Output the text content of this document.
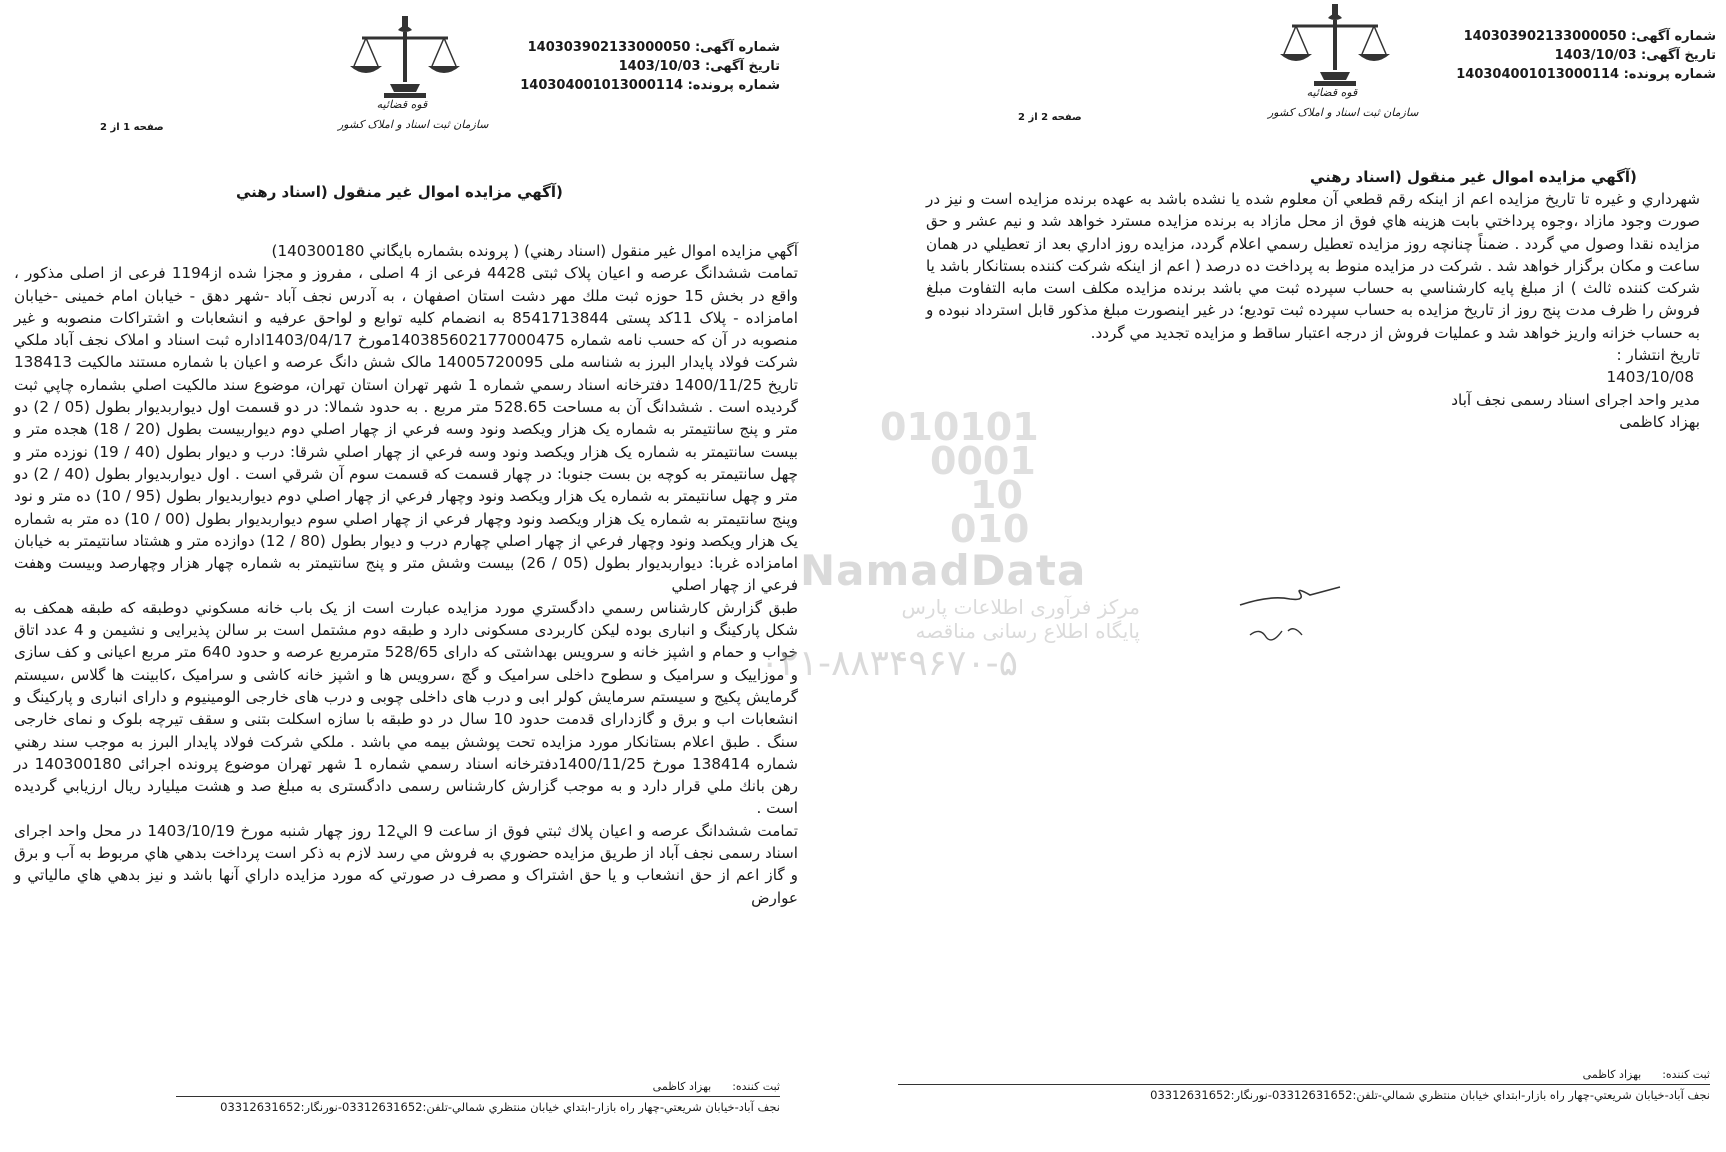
شماره آگهی: 140303902133000050
تاریخ آگهی: 1403/10/03
شماره پرونده: 140304001013000114
قوه قضائیه
سازمان ثبت اسناد و املاک کشور
صفحه 1 از 2
(آگهي مزايده اموال غير منقول (اسناد رهني

آگهي مزايده اموال غير منقول (اسناد رهني) ( پرونده بشماره بايگاني 140300180)

تمامت ششدانگ عرصه و اعیان پلاک ثبتی 4428 فرعی از 4 اصلی ، مفروز و مجزا شده از1194 فرعی از اصلی مذکور ، واقع در بخش 15 حوزه ثبت ملك مهر دشت استان اصفهان ، به آدرس نجف آباد -شهر دهق - خیابان امام خمینی -خیابان امامزاده - پلاک 11کد پستی 8541713844 به انضمام کلیه توابع و لواحق عرفیه و انشعابات و اشتراکات منصوبه و غیر منصوبه در آن که حسب نامه شماره 140385602177000475مورخ 1403/04/17اداره ثبت اسناد و املاک نجف آباد ملکي شرکت فولاد پايدار البرز به شناسه ملی 14005720095 مالک شش دانگ عرصه و اعيان با شماره مستند مالکیت 138413 تاريخ 1400/11/25 دفترخانه اسناد رسمي شماره 1 شهر تهران استان تهران، موضوع سند مالكيت اصلي بشماره چاپي ثبت گرديده است . ششدانگ آن به مساحت 528.65 متر مربع . به حدود شمالا: در دو قسمت اول ديواربديوار بطول (05 / 2) دو متر و پنج سانتيمتر به شماره يک هزار ويکصد ونود وسه فرعي از چهار اصلي دوم ديواربيست بطول (20 / 18) هجده متر و بيست سانتيمتر به شماره يک هزار ويکصد ونود وسه فرعي از چهار اصلي شرقا: درب و ديوار بطول (40 / 19) نوزده متر و چهل سانتيمتر به كوچه بن بست جنوبا: در چهار قسمت كه قسمت سوم آن شرقي است . اول ديواربديوار بطول (40 / 2) دو متر و چهل سانتيمتر به شماره يک هزار ويکصد ونود وچهار فرعي از چهار اصلي دوم ديواربديوار بطول (95 / 10) ده متر و نود وپنج سانتيمتر به شماره يک هزار ويکصد ونود وچهار فرعي از چهار اصلي سوم ديواربديوار بطول (00 / 10) ده متر به شماره يک هزار ويکصد ونود وچهار فرعي از چهار اصلي چهارم درب و ديوار بطول (80 / 12) دوازده متر و هشتاد سانتيمتر به خيابان امامزاده غربا: ديواربديوار بطول (05 / 26) بيست وشش متر و پنج سانتيمتر به شماره چهار هزار وچهارصد وبيست وهفت فرعي از چهار اصلي

طبق گزارش كارشناس رسمي دادگستري مورد مزايده عبارت است از يک باب خانه مسكوني دوطبقه كه طبقه همكف به شكل پاركينگ و انباری بوده لیکن کاربردی مسکونی دارد و طبقه دوم مشتمل است بر سالن پذیرایی و نشیمن و 4 عدد اتاق خواب و حمام و اشپز خانه و سرویس بهداشتی كه دارای 528/65 مترمربع عرصه و حدود 640 متر مربع اعیانی و كف سازی و موزاییک و سرامیک و سطوح داخلی سرامیک و گچ ،سرویس ها و اشپز خانه كاشی و سرامیک ،كابینت ها گلاس ،سیستم گرمایش پكیج و سیستم سرمایش كولر ابی و درب های داخلی چوبی و درب های خارجی الومینیوم و دارای انباری و پاركینگ و انشعابات اب و برق و گازدارای قدمت حدود 10 سال در دو طبقه با سازه اسكلت بتنی و سقف تیرچه بلوک و نمای خارجی سنگ . طبق اعلام بستانكار مورد مزايده تحت پوشش بيمه مي باشد . ملکي شرکت فولاد پايدار البرز به موجب سند رهني شماره 138414 مورخ 1400/11/25دفترخانه اسناد رسمي شماره 1 شهر تهران موضوع پرونده اجرائی 140300180 در رهن بانك ملي قرار دارد و به موجب گزارش کارشناس رسمی دادگستری به مبلغ صد و هشت میلیارد ريال ارزيابي گرديده است .

تمامت ششدانگ عرصه و اعيان پلاك ثبتي فوق از ساعت 9 الي12 روز چهار شنبه مورخ 1403/10/19 در محل واحد اجرای اسناد رسمی نجف آباد از طريق مزايده حضوري به فروش مي رسد لازم به ذكر است پرداخت بدهي هاي مربوط به آب و برق و گاز اعم از حق انشعاب و يا حق اشتراک و مصرف در صورتي كه مورد مزايده داراي آنها باشد و نيز بدهي هاي مالياتي و عوارض

ثبت کننده:      بهزاد کاظمی
نجف آباد-خيابان شريعتي-چهار راه بازار-ابتداي خيابان منتظري شمالي-تلفن:03312631652-نورنگار:03312631652
شماره آگهی: 140303902133000050
تاریخ آگهی: 1403/10/03
شماره پرونده: 140304001013000114
قوه قضائیه
سازمان ثبت اسناد و املاک کشور
صفحه 2 از 2
(آگهي مزايده اموال غير منقول (اسناد رهني

شهرداري و غيره تا تاريخ مزايده اعم از اينكه رقم قطعي آن معلوم شده يا نشده باشد به عهده برنده مزايده است و نيز در صورت وجود مازاد ،وجوه پرداختي بابت هزينه هاي فوق از محل مازاد به برنده مزايده مسترد خواهد شد و نيم عشر و حق مزايده نقدا وصول مي گردد . ضمناً چنانچه روز مزايده تعطيل رسمي اعلام گردد، مزايده روز اداري بعد از تعطيلي در همان ساعت و مكان برگزار خواهد شد . شرکت در مزايده منوط به پرداخت ده درصد ( اعم از اينکه شرکت کننده بستانکار باشد يا شرکت کننده ثالث ) از مبلغ پايه کارشناسي به حساب سپرده ثبت مي باشد برنده مزايده مكلف است مابه التفاوت مبلغ فروش را ظرف مدت پنج روز از تاريخ مزايده به حساب سپرده ثبت توديع؛ در غير اينصورت مبلغ مذكور قابل استرداد نبوده و به حساب خزانه واريز خواهد شد و عمليات فروش از درجه اعتبار ساقط و مزايده تجديد مي گردد.

تاريخ انتشار :

1403/10/08

مدير واحد اجراى اسناد رسمى نجف آباد

بهزاد کاظمی

ثبت کننده:      بهزاد کاظمی
نجف آباد-خيابان شريعتي-چهار راه بازار-ابتداي خيابان منتظري شمالي-تلفن:03312631652-نورنگار:03312631652
010101
0001
10
010
NamadData
مرکز فرآوری اطلاعات پارس
پایگاه اطلاع رسانی مناقصه
۰۲۱-۸۸۳۴۹۶۷۰-۵
